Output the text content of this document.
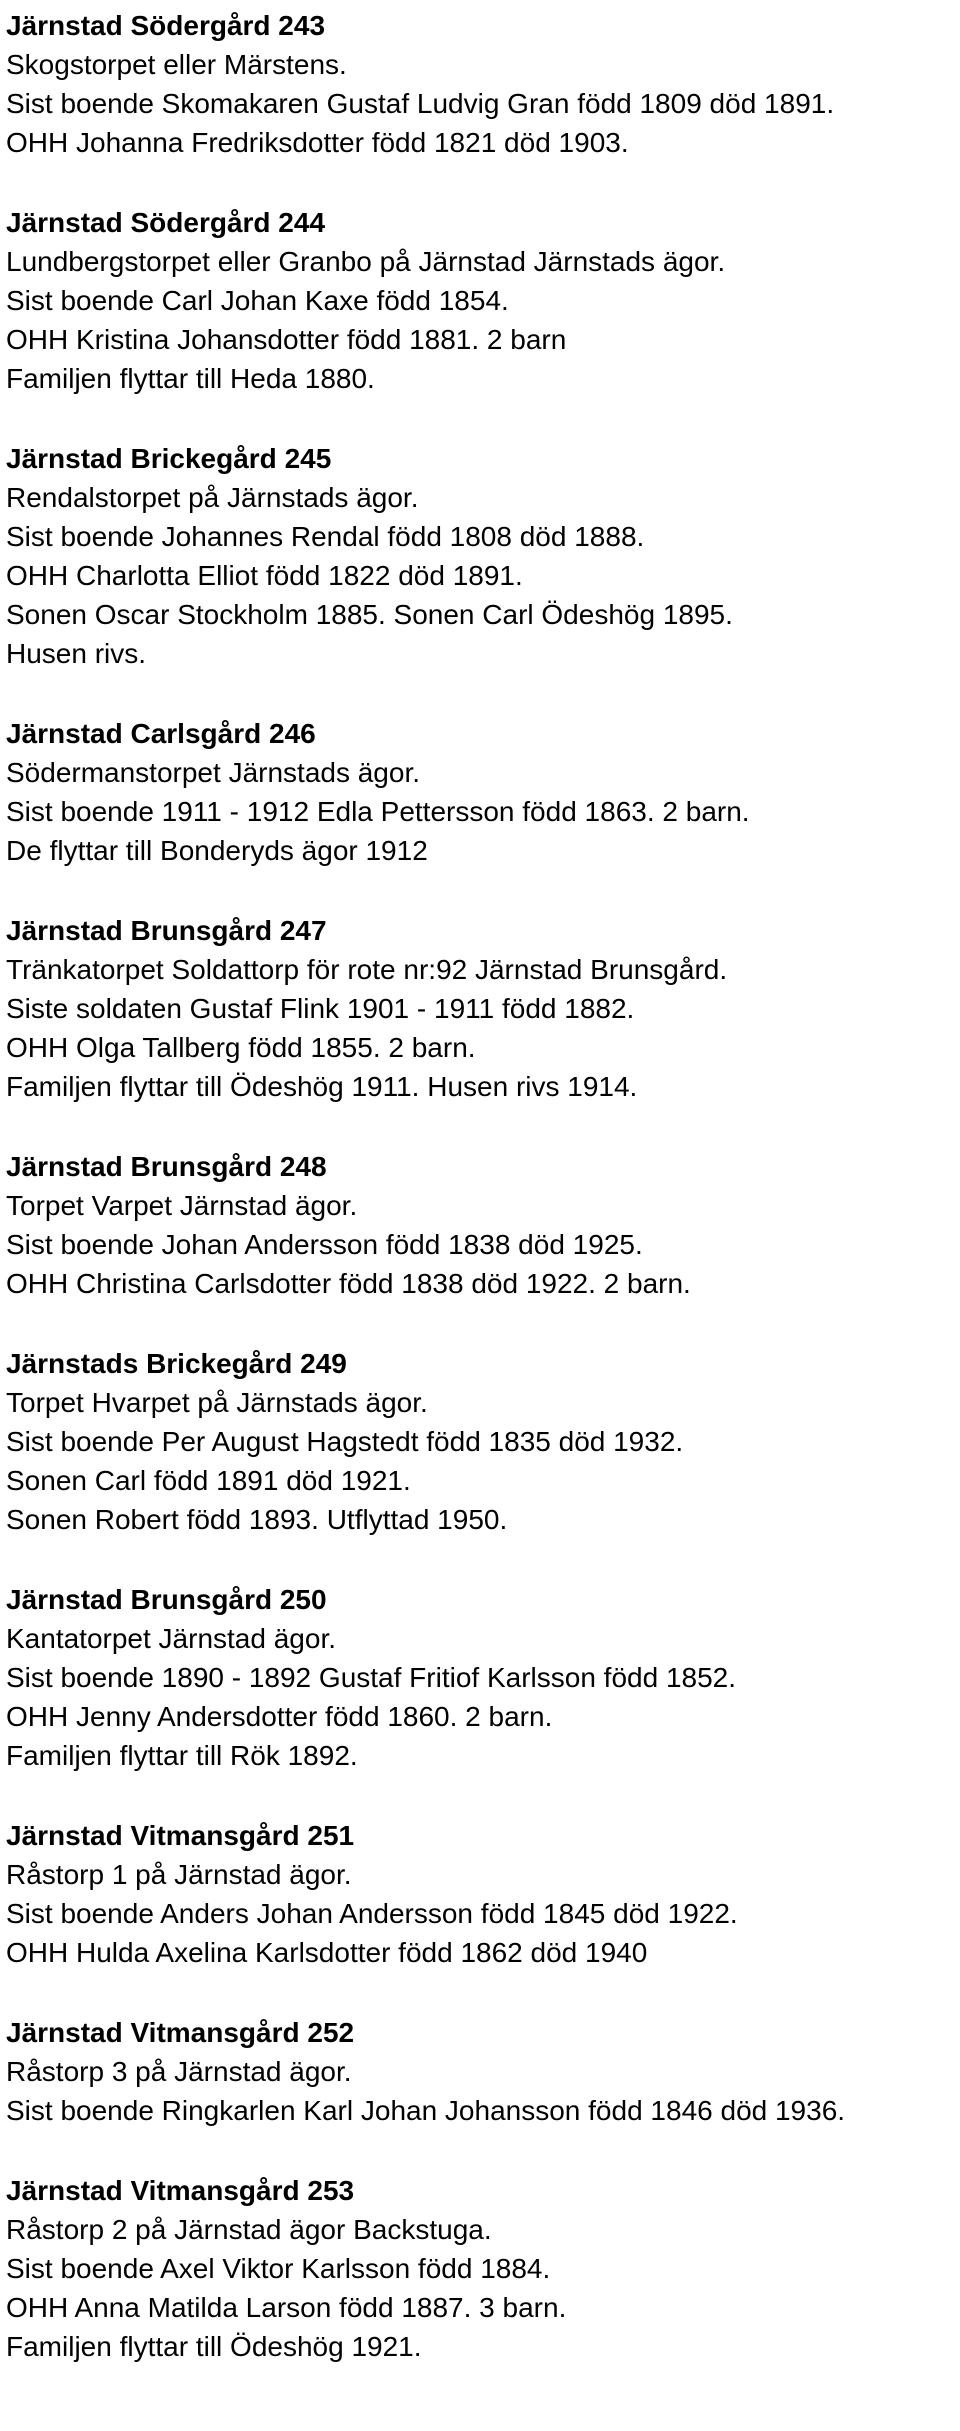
Järnstad Södergård 243
Skogstorpet eller Märstens.
Sist boende Skomakaren Gustaf Ludvig Gran född 1809 död 1891.
OHH Johanna Fredriksdotter född 1821 död 1903.
Järnstad Södergård 244
Lundbergstorpet eller Granbo på Järnstad Järnstads ägor.
Sist boende Carl Johan Kaxe född 1854.
OHH Kristina Johansdotter född 1881. 2 barn
Familjen flyttar till Heda 1880.
Järnstad Brickegård 245
Rendalstorpet på Järnstads ägor.
Sist boende Johannes Rendal född 1808 död 1888.
OHH Charlotta Elliot född 1822 död 1891.
Sonen Oscar Stockholm 1885. Sonen Carl Ödeshög 1895.
Husen rivs.
Järnstad Carlsgård 246
Södermanstorpet Järnstads ägor.
Sist boende 1911 - 1912 Edla Pettersson född 1863. 2 barn.
De flyttar till Bonderyds ägor 1912
Järnstad Brunsgård 247
Tränkatorpet Soldattorp för rote nr:92 Järnstad Brunsgård.
Siste soldaten Gustaf Flink 1901 - 1911 född 1882.
OHH Olga Tallberg född 1855. 2 barn.
Familjen flyttar till Ödeshög 1911. Husen rivs 1914.
Järnstad Brunsgård 248
Torpet Varpet Järnstad ägor.
Sist boende Johan Andersson född 1838 död 1925.
OHH Christina Carlsdotter född 1838 död 1922. 2 barn.
Järnstads Brickegård 249
Torpet Hvarpet på Järnstads ägor.
Sist boende Per August Hagstedt född 1835 död 1932.
Sonen Carl född 1891 död 1921.
Sonen Robert född 1893. Utflyttad 1950.
Järnstad Brunsgård 250
Kantatorpet Järnstad ägor.
Sist boende 1890 - 1892 Gustaf Fritiof Karlsson född 1852.
OHH Jenny Andersdotter född 1860. 2 barn.
Familjen flyttar till Rök 1892.
Järnstad Vitmansgård 251
Råstorp 1 på Järnstad ägor.
Sist boende Anders Johan Andersson född 1845 död 1922.
OHH Hulda Axelina Karlsdotter född 1862 död 1940
Järnstad Vitmansgård 252
Råstorp 3 på Järnstad ägor.
Sist boende Ringkarlen Karl Johan Johansson född 1846 död 1936.
Järnstad Vitmansgård 253
Råstorp 2 på Järnstad ägor Backstuga.
Sist boende Axel Viktor Karlsson född 1884.
OHH Anna Matilda Larson född 1887. 3 barn.
Familjen flyttar till Ödeshög 1921.
